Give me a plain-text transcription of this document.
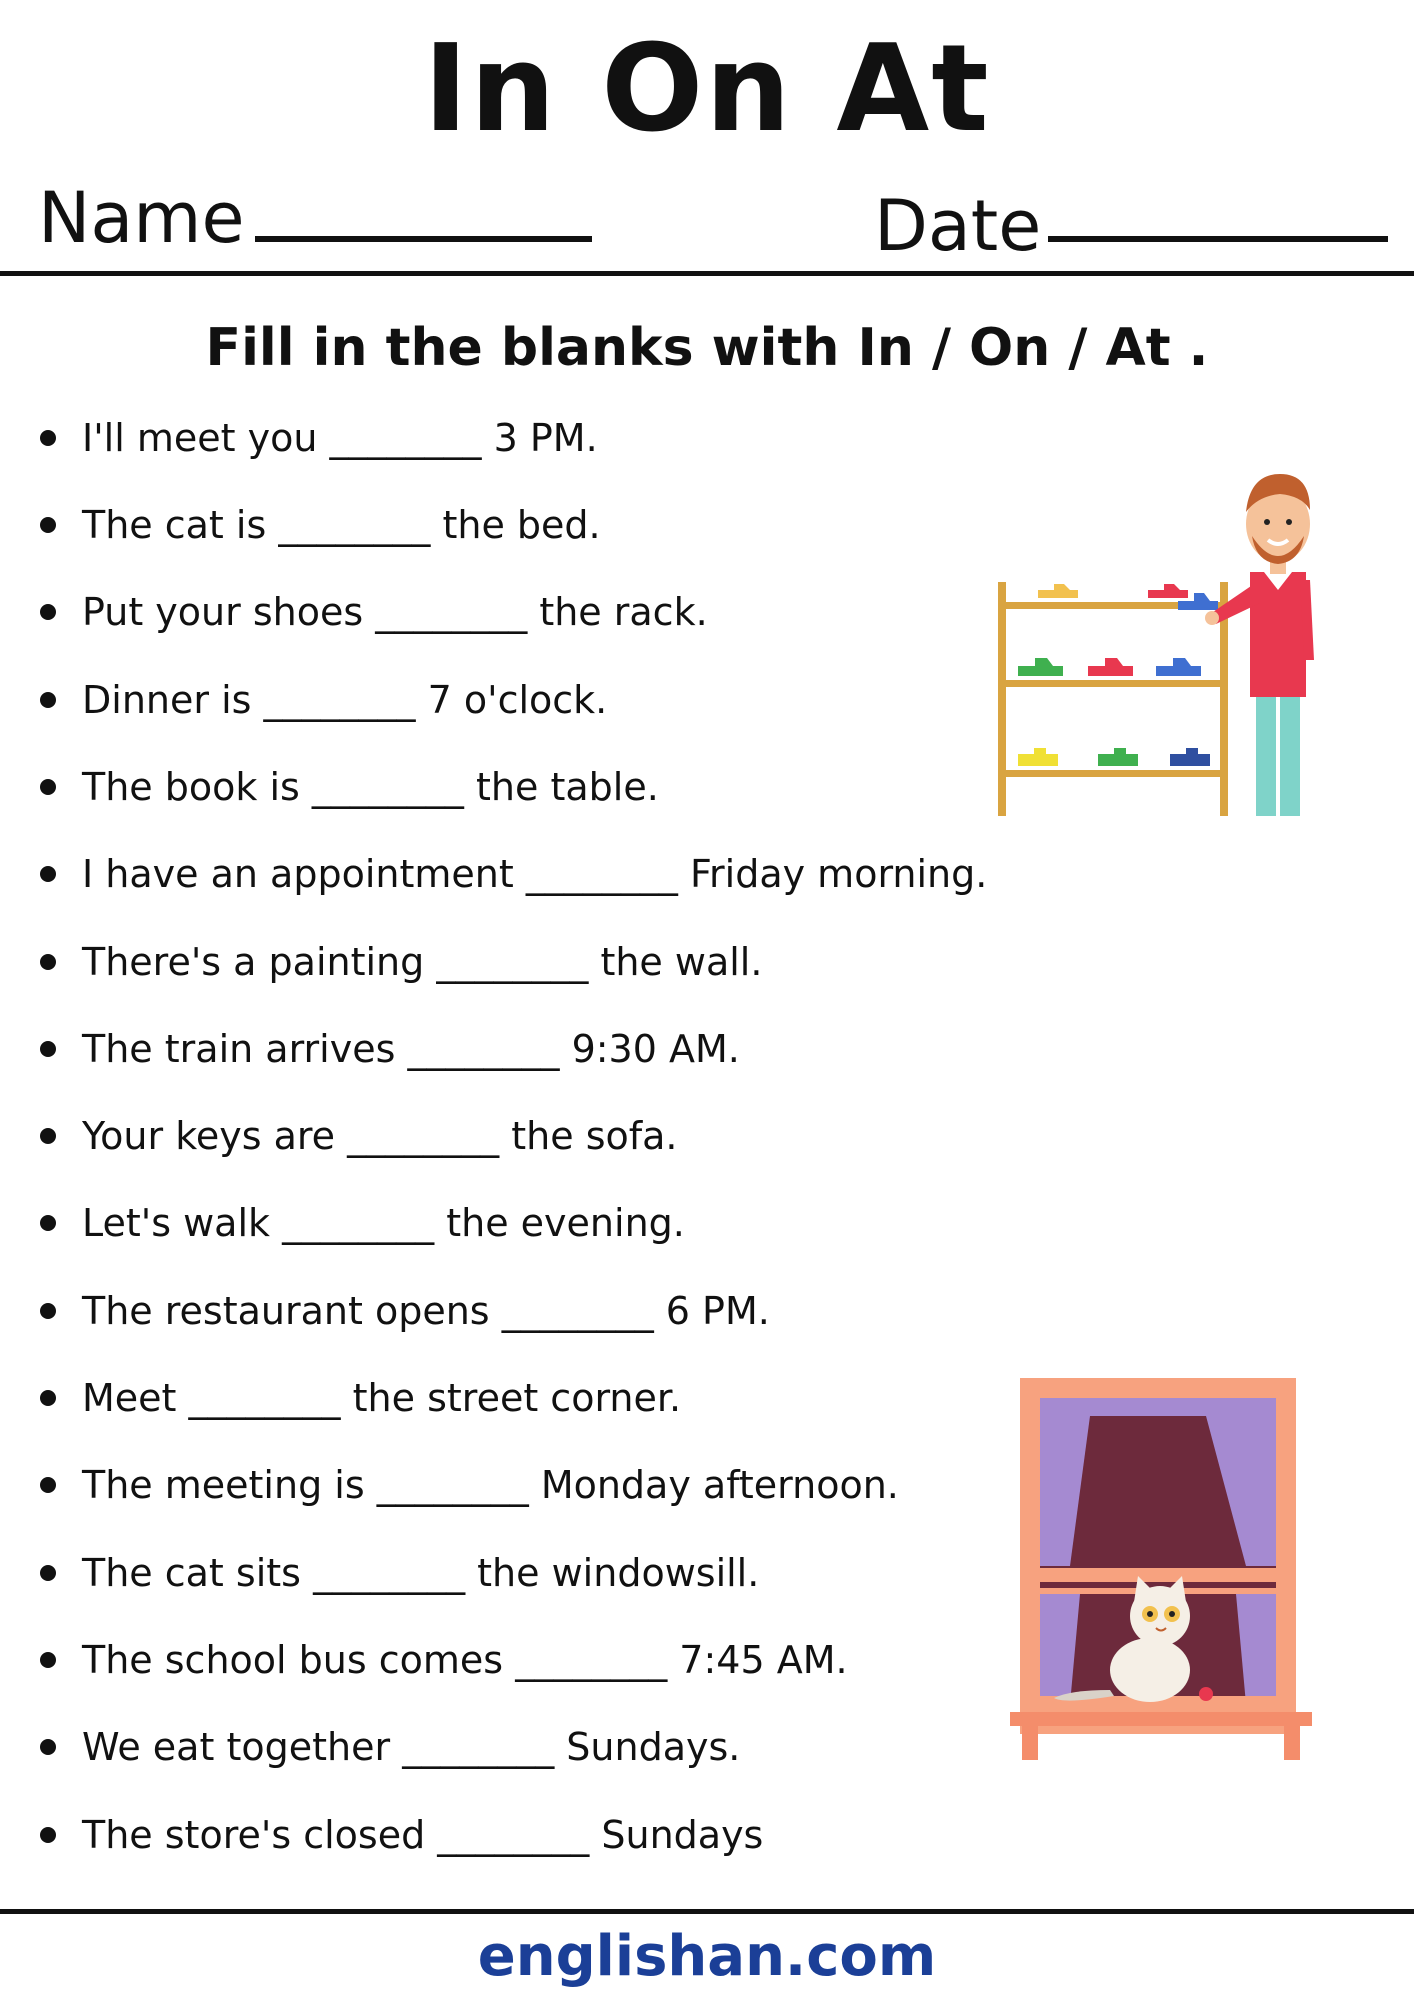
In On At
Name	Date
Fill in the blanks with In / On / At .
I'll meet you ________ 3 PM.
The cat is ________ the bed.
Put your shoes ________ the rack.
Dinner is ________ 7 o'clock.
The book is ________ the table.
I have an appointment ________ Friday morning.
There's a painting ________ the wall.
The train arrives ________ 9:30 AM.
Your keys are ________ the sofa.
Let's walk ________ the evening.
The restaurant opens ________ 6 PM.
Meet ________ the street corner.
The meeting is ________ Monday afternoon.
The cat sits ________ the windowsill.
The school bus comes ________ 7:45 AM.
We eat together ________ Sundays.
The store's closed ________ Sundays
englishan.com
